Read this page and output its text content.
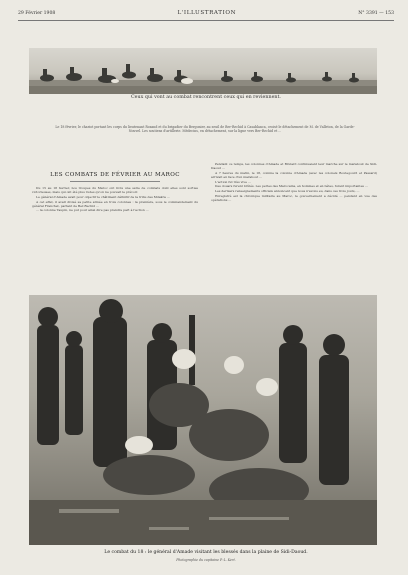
29 Février 1908	L'ILLUSTRATION	N° 3391 — 153
Ceux qui vont au combat rencontrent ceux qui en reviennent.
Le 18 février, le chariot portant les corps du lieutenant Rozand et du brigadier du Bergonier, au seuil de Ber-Rechid à Casablanca, croisé le détachement de M. de Valleton, de la Garde-Nouvel. Les soutiens d'artillerie. Médecins, en détachement, sur la ligne vers Ber-Rechid et ...
LES COMBATS DE FÉVRIER AU MAROC

Du 15 au 18 février, nos troupes du Maroc ont livré une série de combats dont elles sont sorties victorieuses, mais qui ont été plus rudes qu'on ne pouvait le prévoir.

Le général d'Amade avait pour objectif le châtiment définitif de la tribu des Mdakra ...

A cet effet, il avait divisé sa petite armée en trois colonnes : la première, sous le commandement du général Franchet, partant de Ber-Rechid ...

... la colonne Taupin, ne put pour ainsi dire pas prendre part à l'action ...

Pendant ce temps, les colonnes d'Amade et Brulard continuaient leur marche sur le marabout de Sidi-Daoud ...

A 7 heures du matin, le 18, comme la colonne d'Amade (avec les colonels Boutegourd et Passard) arrivait en face d'un marabout ...

L'action fut très vive ...

Des douars furent brûlés. Les pertes des Marocains, en hommes et en bêtes, furent importantes ...

Les derniers renseignements officiels annoncent que nous n'avons eu, dans ces trois jours, ...

Enregistré est la chronique militaire au Maroc, le gouvernement a décidé ... pendant en vue des opérations ...

Le combat du 18 : le général d'Amade visitant les blessés dans la plaine de Sidi-Daoud.
Photographie du capitaine P.-L. Kert.
